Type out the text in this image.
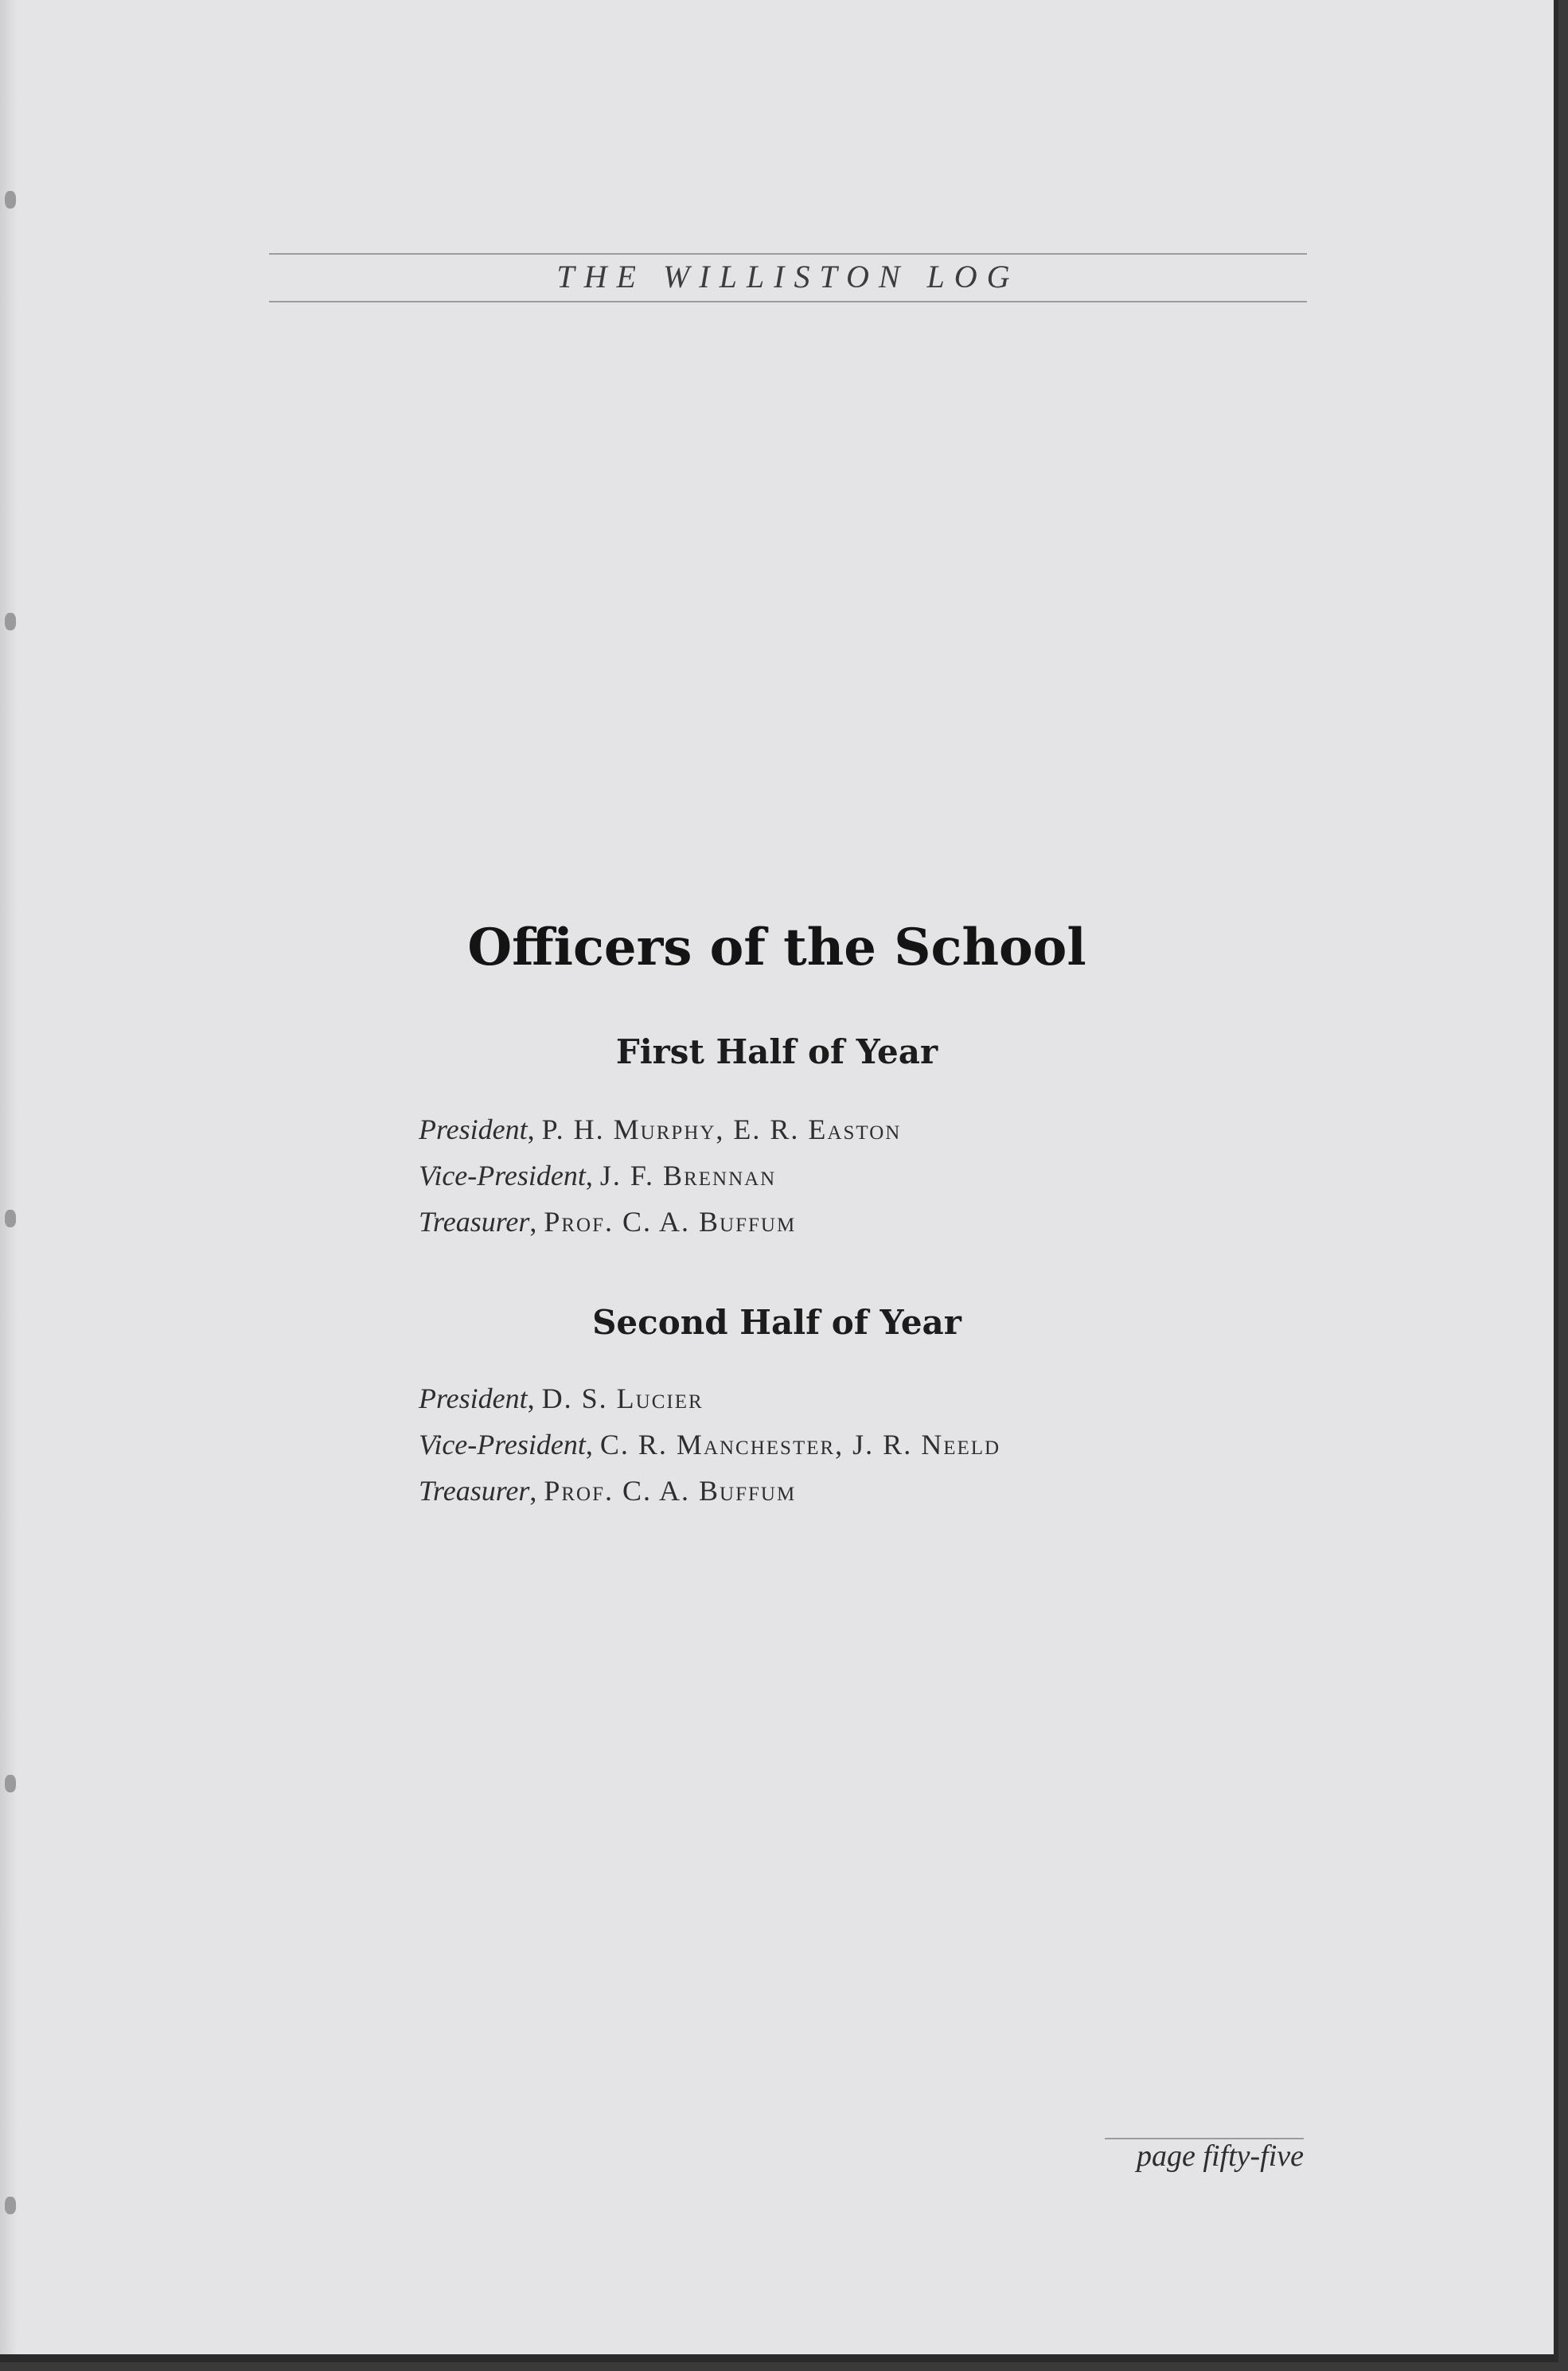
THE WILLISTON LOG
Officers of the School
First Half of Year
President, P. H. Murphy, E. R. Easton
Vice-President, J. F. Brennan
Treasurer, Prof. C. A. Buffum
Second Half of Year
President, D. S. Lucier
Vice-President, C. R. Manchester, J. R. Neeld
Treasurer, Prof. C. A. Buffum
page fifty-five
